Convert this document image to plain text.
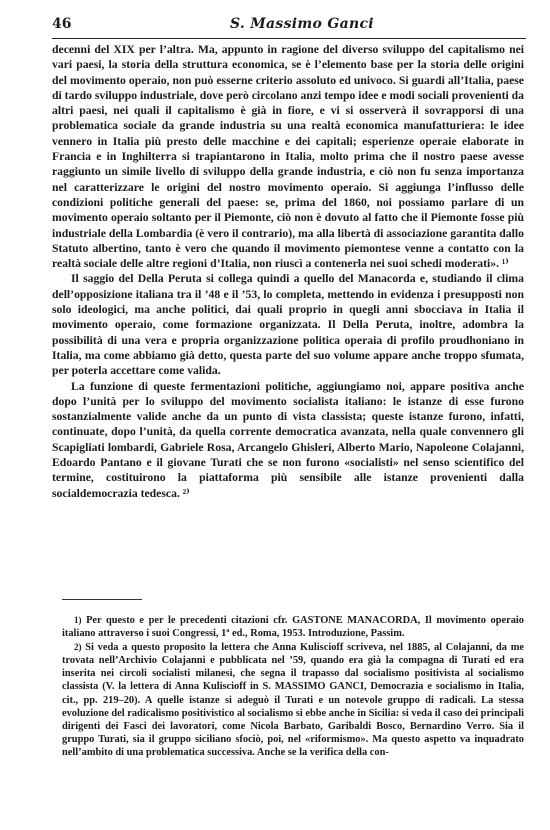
46	S. Massimo Ganci

decenni del XIX per l’altra. Ma, appunto in ragione del diverso sviluppo del capitalismo nei vari paesi, la storia della struttura economica, se è l’elemento base per la storia delle origini del movimento operaio, non può esserne criterio assoluto ed univoco. Si guardi all’Italia, paese di tardo sviluppo industriale, dove però circolano anzi tempo idee e modi sociali provenienti da altri paesi, nei quali il capitalismo è già in fiore, e vi si osserverà il sovrapporsi di una problematica sociale da grande industria su una realtà economica manufatturiera: le idee vennero in Italia più presto delle macchine e dei capitali; esperienze operaie elaborate in Francia e in Inghilterra si trapiantarono in Italia, molto prima che il nostro paese avesse raggiunto un simile livello di sviluppo della grande industria, e ciò non fu senza importanza nel caratterizzare le origini del nostro movimento operaio. Si aggiunga l’influsso delle condizioni politiche generali del paese: se, prima del 1860, noi possiamo parlare di un movimento operaio soltanto per il Piemonte, ciò non è dovuto al fatto che il Piemonte fosse più industriale della Lombardia (è vero il contrario), ma alla libertà di associazione garantita dallo Statuto albertino, tanto è vero che quando il movimento piemontese venne a contatto con la realtà sociale delle altre regioni d’Italia, non riuscì a contenerla nei suoi schedi moderati». ¹⁾

Il saggio del Della Peruta si collega quindi a quello del Manacorda e, studiando il clima dell’opposizione italiana tra il ’48 e il ’53, lo completa, mettendo in evidenza i presupposti non solo ideologici, ma anche politici, dai quali proprio in quegli anni sbocciava in Italia il movimento operaio, come formazione organizzata. Il Della Peruta, inoltre, adombra la possibilità di una vera e propria organizzazione politica operaia di profilo proudhoniano in Italia, ma come abbiamo già detto, questa parte del suo volume appare anche troppo sfumata, per poterla accettare come valida.

La funzione di queste fermentazioni politiche, aggiungiamo noi, appare positiva anche dopo l’unità per lo sviluppo del movimento socialista italiano: le istanze di esse furono sostanzialmente valide anche da un punto di vista classista; queste istanze furono, infatti, continuate, dopo l’unità, da quella corrente democratica avanzata, nella quale convennero gli Scapigliati lombardi, Gabriele Rosa, Arcangelo Ghisleri, Alberto Mario, Napoleone Colajanni, Edoardo Pantano e il giovane Turati che se non furono «socialisti» nel senso scientifico del termine, costituirono la piattaforma più sensibile alle istanze provenienti dalla socialdemocrazia tedesca. ²⁾

1) Per questo e per le precedenti citazioni cfr. GASTONE MANACORDA, Il movimento operaio italiano attraverso i suoi Congressi, 1ª ed., Roma, 1953. Introduzione, Passim.

2) Si veda a questo proposito la lettera che Anna Kuliscioff scriveva, nel 1885, al Colajanni, da me trovata nell’Archivio Colajanni e pubblicata nel ’59, quando era già la compagna di Turati ed era inserita nei circoli socialisti milanesi, che segna il trapasso dal socialismo positivista al socialismo classista (V. la lettera di Anna Kuliscioff in S. MASSIMO GANCI, Democrazia e socialismo in Italia, cit., pp. 219–20). A quelle istanze si adeguò il Turati e un notevole gruppo di radicali. La stessa evoluzione del radicalismo positivistico al socialismo si ebbe anche in Sicilia: si veda il caso dei principali dirigenti dei Fasci dei lavoratori, come Nicola Barbato, Garibaldi Bosco, Bernardino Verro. Sia il gruppo Turati, sia il gruppo siciliano sfociò, poi, nel «riformismo». Ma questo aspetto va inquadrato nell’ambito di una problematica successiva. Anche se la verifica della con-
